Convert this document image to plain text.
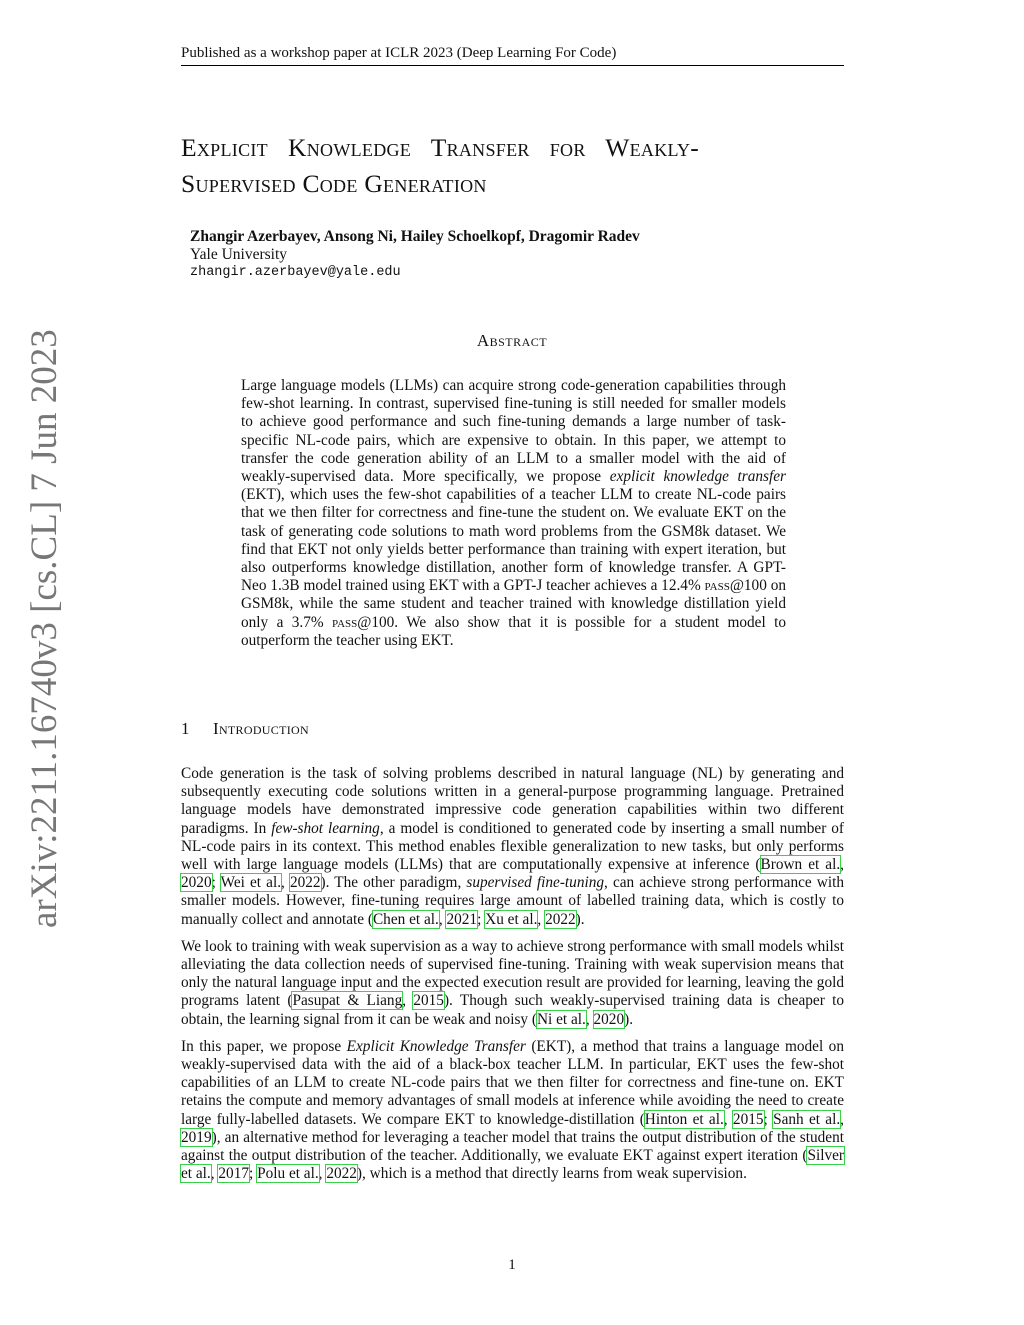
Published as a workshop paper at ICLR 2023 (Deep Learning For Code)
Explicit Knowledge Transfer for Weakly-
Supervised Code Generation
Zhangir Azerbayev, Ansong Ni, Hailey Schoelkopf, Dragomir Radev
Yale University
zhangir.azerbayev@yale.edu
Abstract
Large language models (LLMs) can acquire strong code-generation capabilities through few-shot learning. In contrast, supervised fine-tuning is still needed for smaller models to achieve good performance and such fine-tuning demands a large number of task-specific NL-code pairs, which are expensive to obtain. In this paper, we attempt to transfer the code generation ability of an LLM to a smaller model with the aid of weakly-supervised data. More specifically, we propose explicit knowledge transfer (EKT), which uses the few-shot capabilities of a teacher LLM to create NL-code pairs that we then filter for correctness and fine-tune the student on. We evaluate EKT on the task of generating code solutions to math word problems from the GSM8k dataset. We find that EKT not only yields better performance than training with expert iteration, but also outperforms knowledge distillation, another form of knowledge transfer. A GPT-Neo 1.3B model trained using EKT with a GPT-J teacher achieves a 12.4% pass@100 on GSM8k, while the same student and teacher trained with knowledge distillation yield only a 3.7% pass@100. We also show that it is possible for a student model to outperform the teacher using EKT.
1 Introduction

Code generation is the task of solving problems described in natural language (NL) by generating and subsequently executing code solutions written in a general-purpose programming language. Pretrained language models have demonstrated impressive code generation capabilities within two different paradigms. In few-shot learning, a model is conditioned to generated code by inserting a small number of NL-code pairs in its context. This method enables flexible generalization to new tasks, but only performs well with large language models (LLMs) that are computationally expensive at inference (Brown et al., 2020; Wei et al., 2022). The other paradigm, supervised fine-tuning, can achieve strong performance with smaller models. However, fine-tuning requires large amount of labelled training data, which is costly to manually collect and annotate (Chen et al., 2021; Xu et al., 2022).

We look to training with weak supervision as a way to achieve strong performance with small models whilst alleviating the data collection needs of supervised fine-tuning. Training with weak supervision means that only the natural language input and the expected execution result are provided for learning, leaving the gold programs latent (Pasupat & Liang, 2015). Though such weakly-supervised training data is cheaper to obtain, the learning signal from it can be weak and noisy (Ni et al., 2020).

In this paper, we propose Explicit Knowledge Transfer (EKT), a method that trains a language model on weakly-supervised data with the aid of a black-box teacher LLM. In particular, EKT uses the few-shot capabilities of an LLM to create NL-code pairs that we then filter for correctness and fine-tune on. EKT retains the compute and memory advantages of small models at inference while avoiding the need to create large fully-labelled datasets. We compare EKT to knowledge-distillation (Hinton et al., 2015; Sanh et al., 2019), an alternative method for leveraging a teacher model that trains the output distribution of the student against the output distribution of the teacher. Additionally, we evaluate EKT against expert iteration (Silver et al., 2017; Polu et al., 2022), which is a method that directly learns from weak supervision.

arXiv:2211.16740v3 [cs.CL] 7 Jun 2023
1
